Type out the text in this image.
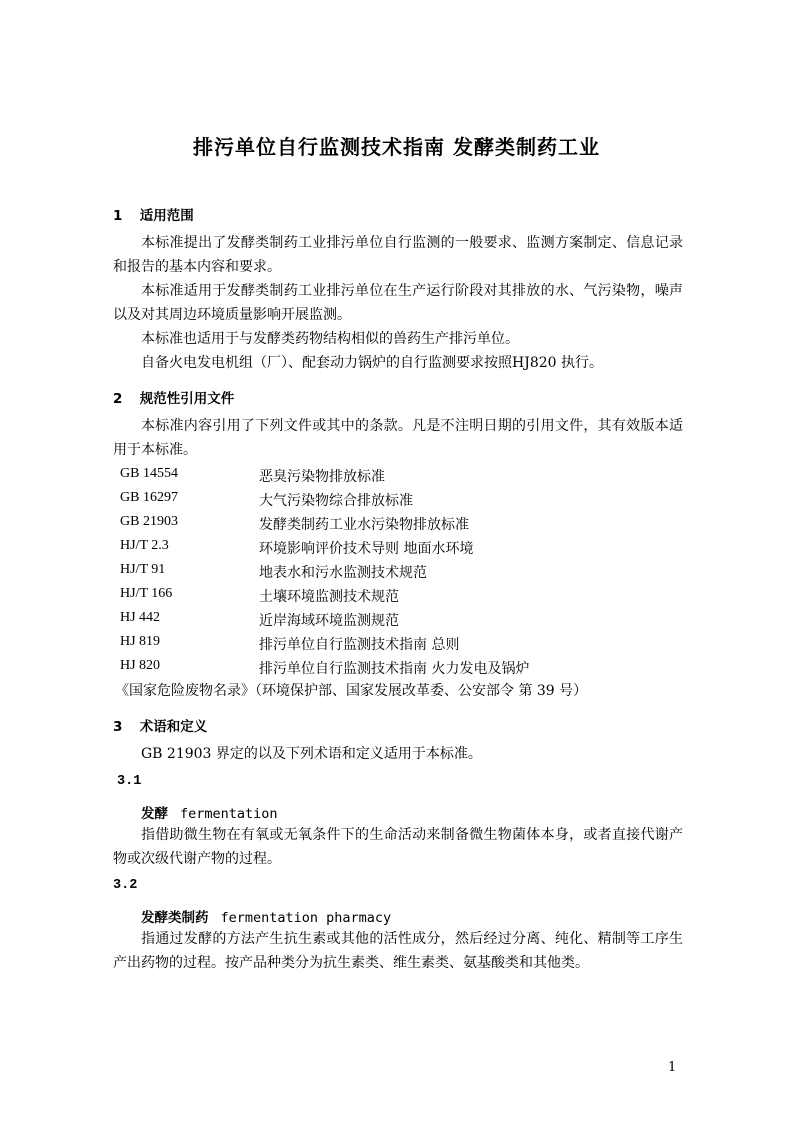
排污单位自行监测技术指南 发酵类制药工业
1 适用范围
本标准提出了发酵类制药工业排污单位自行监测的一般要求、监测方案制定、信息记录和报告的基本内容和要求。
本标准适用于发酵类制药工业排污单位在生产运行阶段对其排放的水、气污染物，噪声以及对其周边环境质量影响开展监测。
本标准也适用于与发酵类药物结构相似的兽药生产排污单位。
自备火电发电机组（厂）、配套动力锅炉的自行监测要求按照HJ820 执行。
2 规范性引用文件
本标准内容引用了下列文件或其中的条款。凡是不注明日期的引用文件，其有效版本适用于本标准。
GB 14554	恶臭污染物排放标准
GB 16297	大气污染物综合排放标准
GB 21903	发酵类制药工业水污染物排放标准
HJ/T 2.3	环境影响评价技术导则 地面水环境
HJ/T 91	地表水和污水监测技术规范
HJ/T 166	土壤环境监测技术规范
HJ 442	近岸海域环境监测规范
HJ 819	排污单位自行监测技术指南 总则
HJ 820	排污单位自行监测技术指南 火力发电及锅炉
《国家危险废物名录》（环境保护部、国家发展改革委、公安部令 第 39 号）
3 术语和定义
GB 21903 界定的以及下列术语和定义适用于本标准。
3.1
发酵 fermentation
指借助微生物在有氧或无氧条件下的生命活动来制备微生物菌体本身，或者直接代谢产物或次级代谢产物的过程。
3.2
发酵类制药 fermentation pharmacy
指通过发酵的方法产生抗生素或其他的活性成分，然后经过分离、纯化、精制等工序生产出药物的过程。按产品种类分为抗生素类、维生素类、氨基酸类和其他类。
1
